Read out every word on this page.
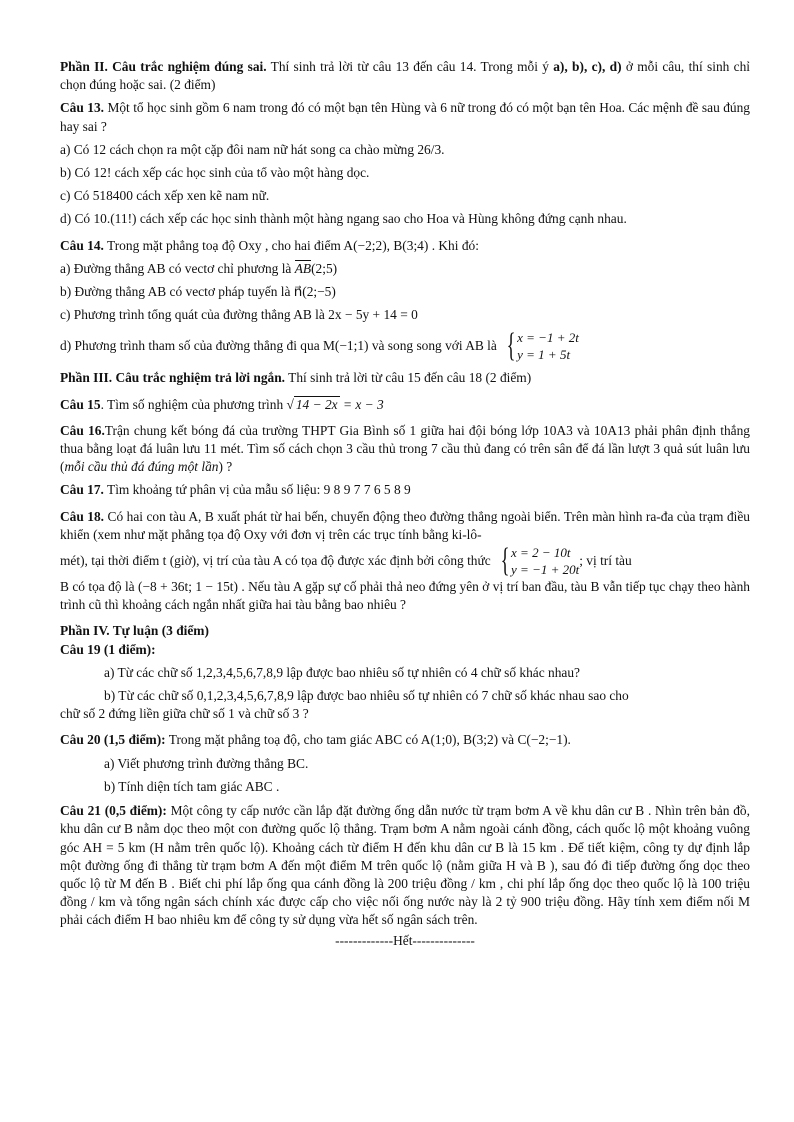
Phần II. Câu trắc nghiệm đúng sai. Thí sinh trả lời từ câu 13 đến câu 14. Trong mỗi ý a), b), c), d) ở mỗi câu, thí sinh chỉ chọn đúng hoặc sai. (2 điểm)

Câu 13. Một tổ học sinh gồm 6 nam trong đó có một bạn tên Hùng và 6 nữ trong đó có một bạn tên Hoa. Các mệnh đề sau đúng hay sai ?

a) Có 12 cách chọn ra một cặp đôi nam nữ hát song ca chào mừng 26/3.

b) Có 12! cách xếp các học sinh của tổ vào một hàng dọc.

c) Có 518400 cách xếp xen kẽ nam nữ.

d) Có 10.(11!) cách xếp các học sinh thành một hàng ngang sao cho Hoa và Hùng không đứng cạnh nhau.

Câu 14. Trong mặt phẳng toạ độ Oxy , cho hai điểm A(−2;2), B(3;4) . Khi đó:

a) Đường thẳng AB có vectơ chỉ phương là AB(2;5)

b) Đường thẳng AB có vectơ pháp tuyến là n⃗(2;−5)

c) Phương trình tổng quát của đường thẳng AB là 2x − 5y + 14 = 0

d) Phương trình tham số của đường thẳng đi qua M(−1;1) và song song với AB là { x = −1 + 2t
y = 1 + 5t

Phần III. Câu trắc nghiệm trả lời ngắn. Thí sinh trả lời từ câu 15 đến câu 18 (2 điểm)

Câu 15. Tìm số nghiệm của phương trình √ 14 − 2x = x − 3

Câu 16.Trận chung kết bóng đá của trường THPT Gia Bình số 1 giữa hai đội bóng lớp 10A3 và 10A13 phải phân định thắng thua bằng loạt đá luân lưu 11 mét. Tìm số cách chọn 3 cầu thủ trong 7 cầu thủ đang có trên sân để đá lần lượt 3 quả sút luân lưu (mỗi cầu thủ đá đúng một lần) ?

Câu 17. Tìm khoảng tứ phân vị của mẫu số liệu: 9 8 9 7 7 6 5 8 9

Câu 18. Có hai con tàu A, B xuất phát từ hai bến, chuyển động theo đường thẳng ngoài biển. Trên màn hình ra-đa của trạm điều khiển (xem như mặt phẳng tọa độ Oxy với đơn vị trên các trục tính bằng ki-lô-

mét), tại thời điểm t (giờ), vị trí của tàu A có tọa độ được xác định bởi công thức { x = 2 − 10t
y = −1 + 20t
; vị trí tàu

B có tọa độ là (−8 + 36t; 1 − 15t) . Nếu tàu A gặp sự cố phải thả neo đứng yên ở vị trí ban đầu, tàu B vẫn tiếp tục chạy theo hành trình cũ thì khoảng cách ngắn nhất giữa hai tàu bằng bao nhiêu ?

Phần IV. Tự luận (3 điểm)

Câu 19 (1 điểm):

a) Từ các chữ số 1,2,3,4,5,6,7,8,9 lập được bao nhiêu số tự nhiên có 4 chữ số khác nhau?

b) Từ các chữ số 0,1,2,3,4,5,6,7,8,9 lập được bao nhiêu số tự nhiên có 7 chữ số khác nhau sao cho

chữ số 2 đứng liền giữa chữ số 1 và chữ số 3 ?

Câu 20 (1,5 điểm): Trong mặt phẳng toạ độ, cho tam giác ABC có A(1;0), B(3;2) và C(−2;−1).

a) Viết phương trình đường thẳng BC.

b) Tính diện tích tam giác ABC .

Câu 21 (0,5 điểm): Một công ty cấp nước cần lắp đặt đường ống dẫn nước từ trạm bơm A về khu dân cư B . Nhìn trên bản đồ, khu dân cư B nằm dọc theo một con đường quốc lộ thẳng. Trạm bơm A nằm ngoài cánh đồng, cách quốc lộ một khoảng vuông góc AH = 5 km (H nằm trên quốc lộ). Khoảng cách từ điểm H đến khu dân cư B là 15 km . Để tiết kiệm, công ty dự định lắp một đường ống đi thẳng từ trạm bơm A đến một điểm M trên quốc lộ (nằm giữa H và B ), sau đó đi tiếp đường ống dọc theo quốc lộ từ M đến B . Biết chi phí lắp ống qua cánh đồng là 200 triệu đồng / km , chi phí lắp ống dọc theo quốc lộ là 100 triệu đồng / km và tổng ngân sách chính xác được cấp cho việc nối ống nước này là 2 tỷ 900 triệu đồng. Hãy tính xem điểm nối M phải cách điểm H bao nhiêu km để công ty sử dụng vừa hết số ngân sách trên.

-------------Hết--------------
